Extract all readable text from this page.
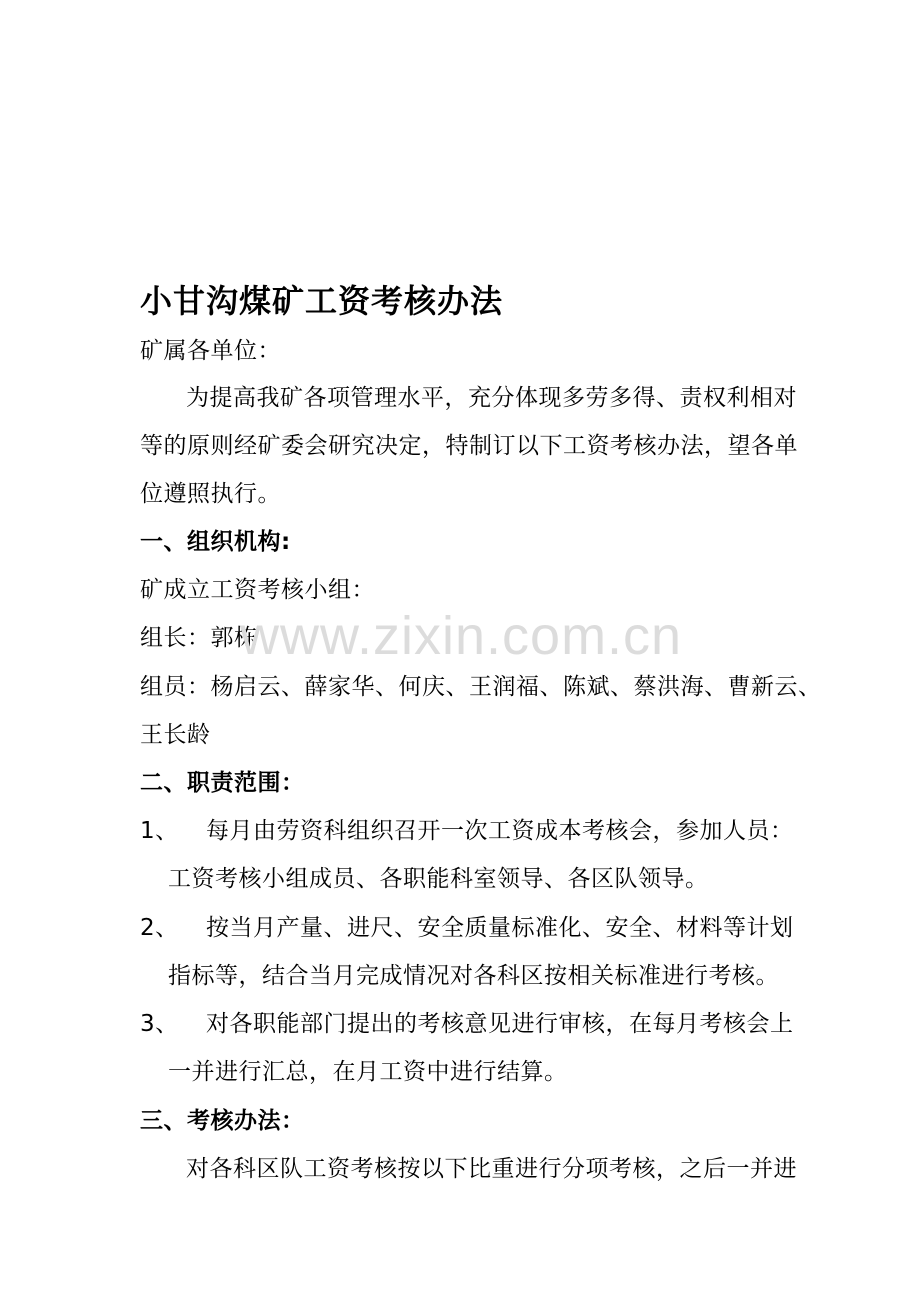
小甘沟煤矿工资考核办法
矿属各单位：
为提高我矿各项管理水平，充分体现多劳多得、责权利相对
等的原则经矿委会研究决定，特制订以下工资考核办法，望各单
位遵照执行。
一、组织机构:
矿成立工资考核小组：
组长：郭栋
组员：杨启云、薛家华、何庆、王润福、陈斌、蔡洪海、曹新云、
王长龄
二、职责范围：
1、 每月由劳资科组织召开一次工资成本考核会，参加人员：
工资考核小组成员、各职能科室领导、各区队领导。
2、 按当月产量、进尺、安全质量标准化、安全、材料等计划
指标等，结合当月完成情况对各科区按相关标准进行考核。
3、 对各职能部门提出的考核意见进行审核，在每月考核会上
一并进行汇总，在月工资中进行结算。
三、考核办法：
对各科区队工资考核按以下比重进行分项考核，之后一并进
www.zixin.com.cn
